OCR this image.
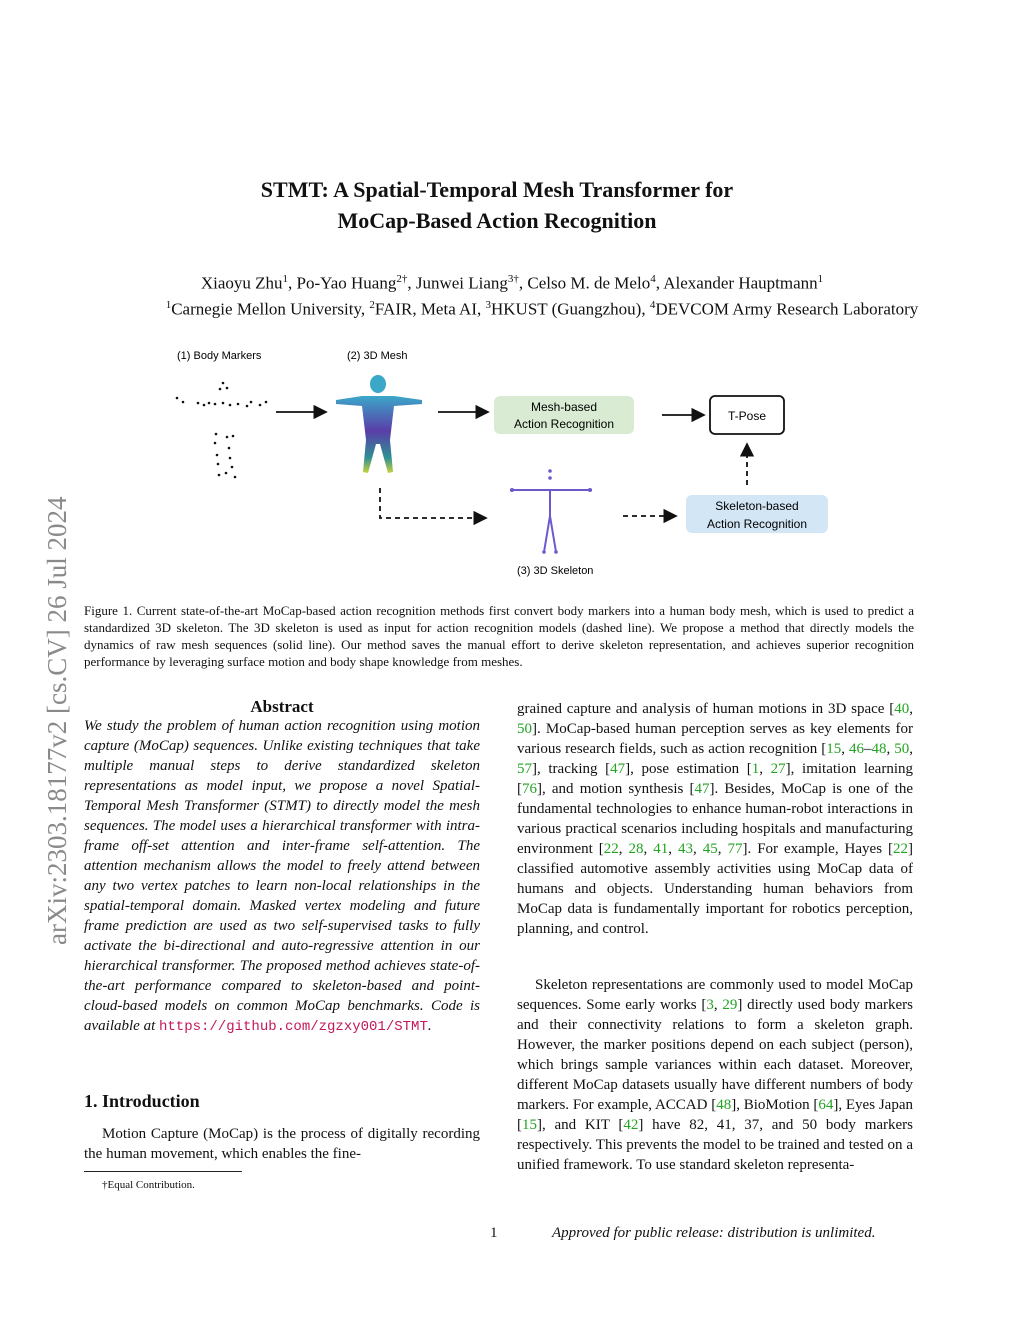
arXiv:2303.18177v2 [cs.CV] 26 Jul 2024
STMT: A Spatial-Temporal Mesh Transformer for
MoCap-Based Action Recognition
Xiaoyu Zhu$^1$, Po-Yao Huang$^{2\dagger}$, Junwei Liang$^{3\dagger}$, Celso M. de Melo$^4$, Alexander Hauptmann$^1$
$^1$Carnegie Mellon University, $^2$FAIR, Meta AI, $^3$HKUST (Guangzhou), $^4$DEVCOM Army Research Laboratory
(1) Body Markers	(2) 3D Mesh
(3) 3D Skeleton
Mesh-based
Action Recognition
T-Pose
Skeleton-based
Action Recognition
Figure 1. Current state-of-the-art MoCap-based action recognition methods first convert body markers into a human body mesh, which is used to predict a standardized 3D skeleton. The 3D skeleton is used as input for action recognition models (dashed line). We propose a method that directly models the dynamics of raw mesh sequences (solid line). Our method saves the manual effort to derive skeleton representation, and achieves superior recognition performance by leveraging surface motion and body shape knowledge from meshes.
Abstract
We study the problem of human action recognition using motion capture (MoCap) sequences. Unlike existing techniques that take multiple manual steps to derive standardized skeleton representations as model input, we propose a novel Spatial-Temporal Mesh Transformer (STMT) to directly model the mesh sequences. The model uses a hierarchical transformer with intra-frame off-set attention and inter-frame self-attention. The attention mechanism allows the model to freely attend between any two vertex patches to learn non-local relationships in the spatial-temporal domain. Masked vertex modeling and future frame prediction are used as two self-supervised tasks to fully activate the bi-directional and auto-regressive attention in our hierarchical transformer. The proposed method achieves state-of-the-art performance compared to skeleton-based and point-cloud-based models on common MoCap benchmarks. Code is available at https://github.com/zgzxy001/STMT.
1. Introduction
Motion Capture (MoCap) is the process of digitally recording the human movement, which enables the fine-
†Equal Contribution.
grained capture and analysis of human motions in 3D space [40, 50]. MoCap-based human perception serves as key elements for various research fields, such as action recognition [15, 46–48, 50, 57], tracking [47], pose estimation [1, 27], imitation learning [76], and motion synthesis [47]. Besides, MoCap is one of the fundamental technologies to enhance human-robot interactions in various practical scenarios including hospitals and manufacturing environment [22, 28, 41, 43, 45, 77]. For example, Hayes [22] classified automotive assembly activities using MoCap data of humans and objects. Understanding human behaviors from MoCap data is fundamentally important for robotics perception, planning, and control.
Skeleton representations are commonly used to model MoCap sequences. Some early works [3, 29] directly used body markers and their connectivity relations to form a skeleton graph. However, the marker positions depend on each subject (person), which brings sample variances within each dataset. Moreover, different MoCap datasets usually have different numbers of body markers. For example, ACCAD [48], BioMotion [64], Eyes Japan [15], and KIT [42] have 82, 41, 37, and 50 body markers respectively. This prevents the model to be trained and tested on a unified framework. To use standard skeleton representa-
1	Approved for public release: distribution is unlimited.
